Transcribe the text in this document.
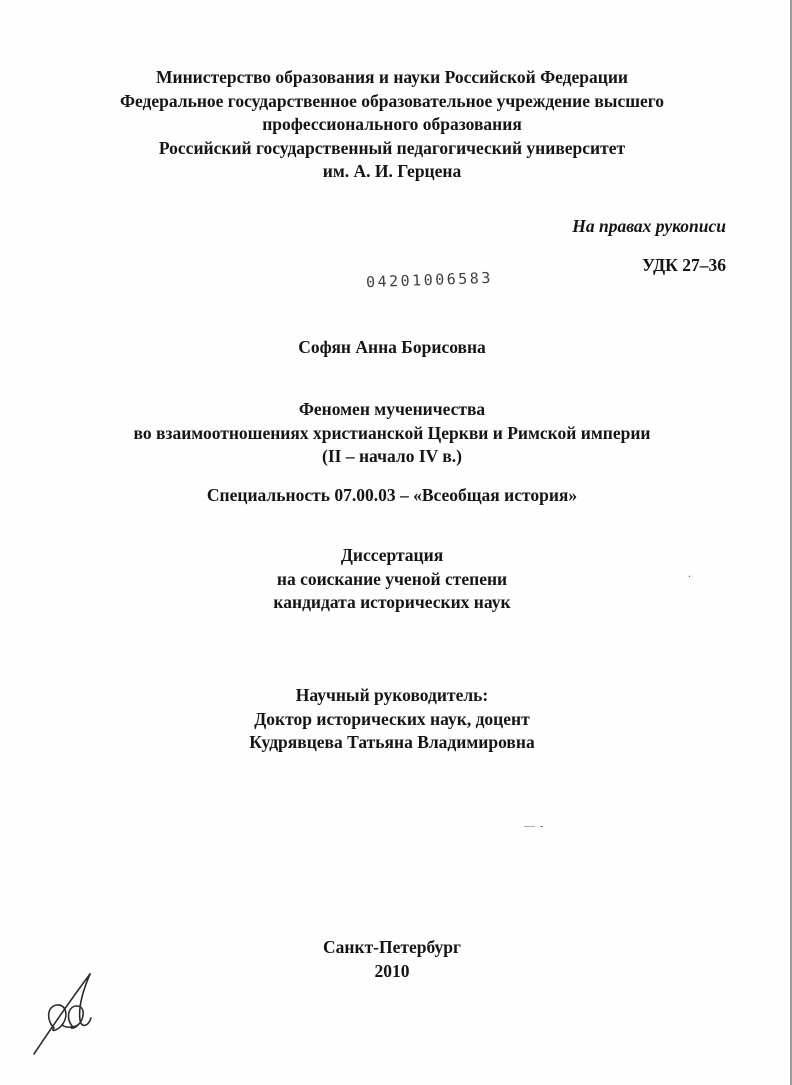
Министерство образования и науки Российской Федерации
Федеральное государственное образовательное учреждение высшего
профессионального образования
Российский государственный педагогический университет
им. А. И. Герцена
На правах рукописи
УДК 27–36
04201006583
Софян Анна Борисовна
Феномен мученичества
во взаимоотношениях христианской Церкви и Римской империи
(II – начало IV в.)
Специальность 07.00.03 – «Всеобщая история»
Диссертация
на соискание ученой степени
кандидата исторических наук
.
Научный руководитель:
Доктор исторических наук, доцент
Кудрявцева Татьяна Владимировна
— -
Санкт-Петербург
2010
